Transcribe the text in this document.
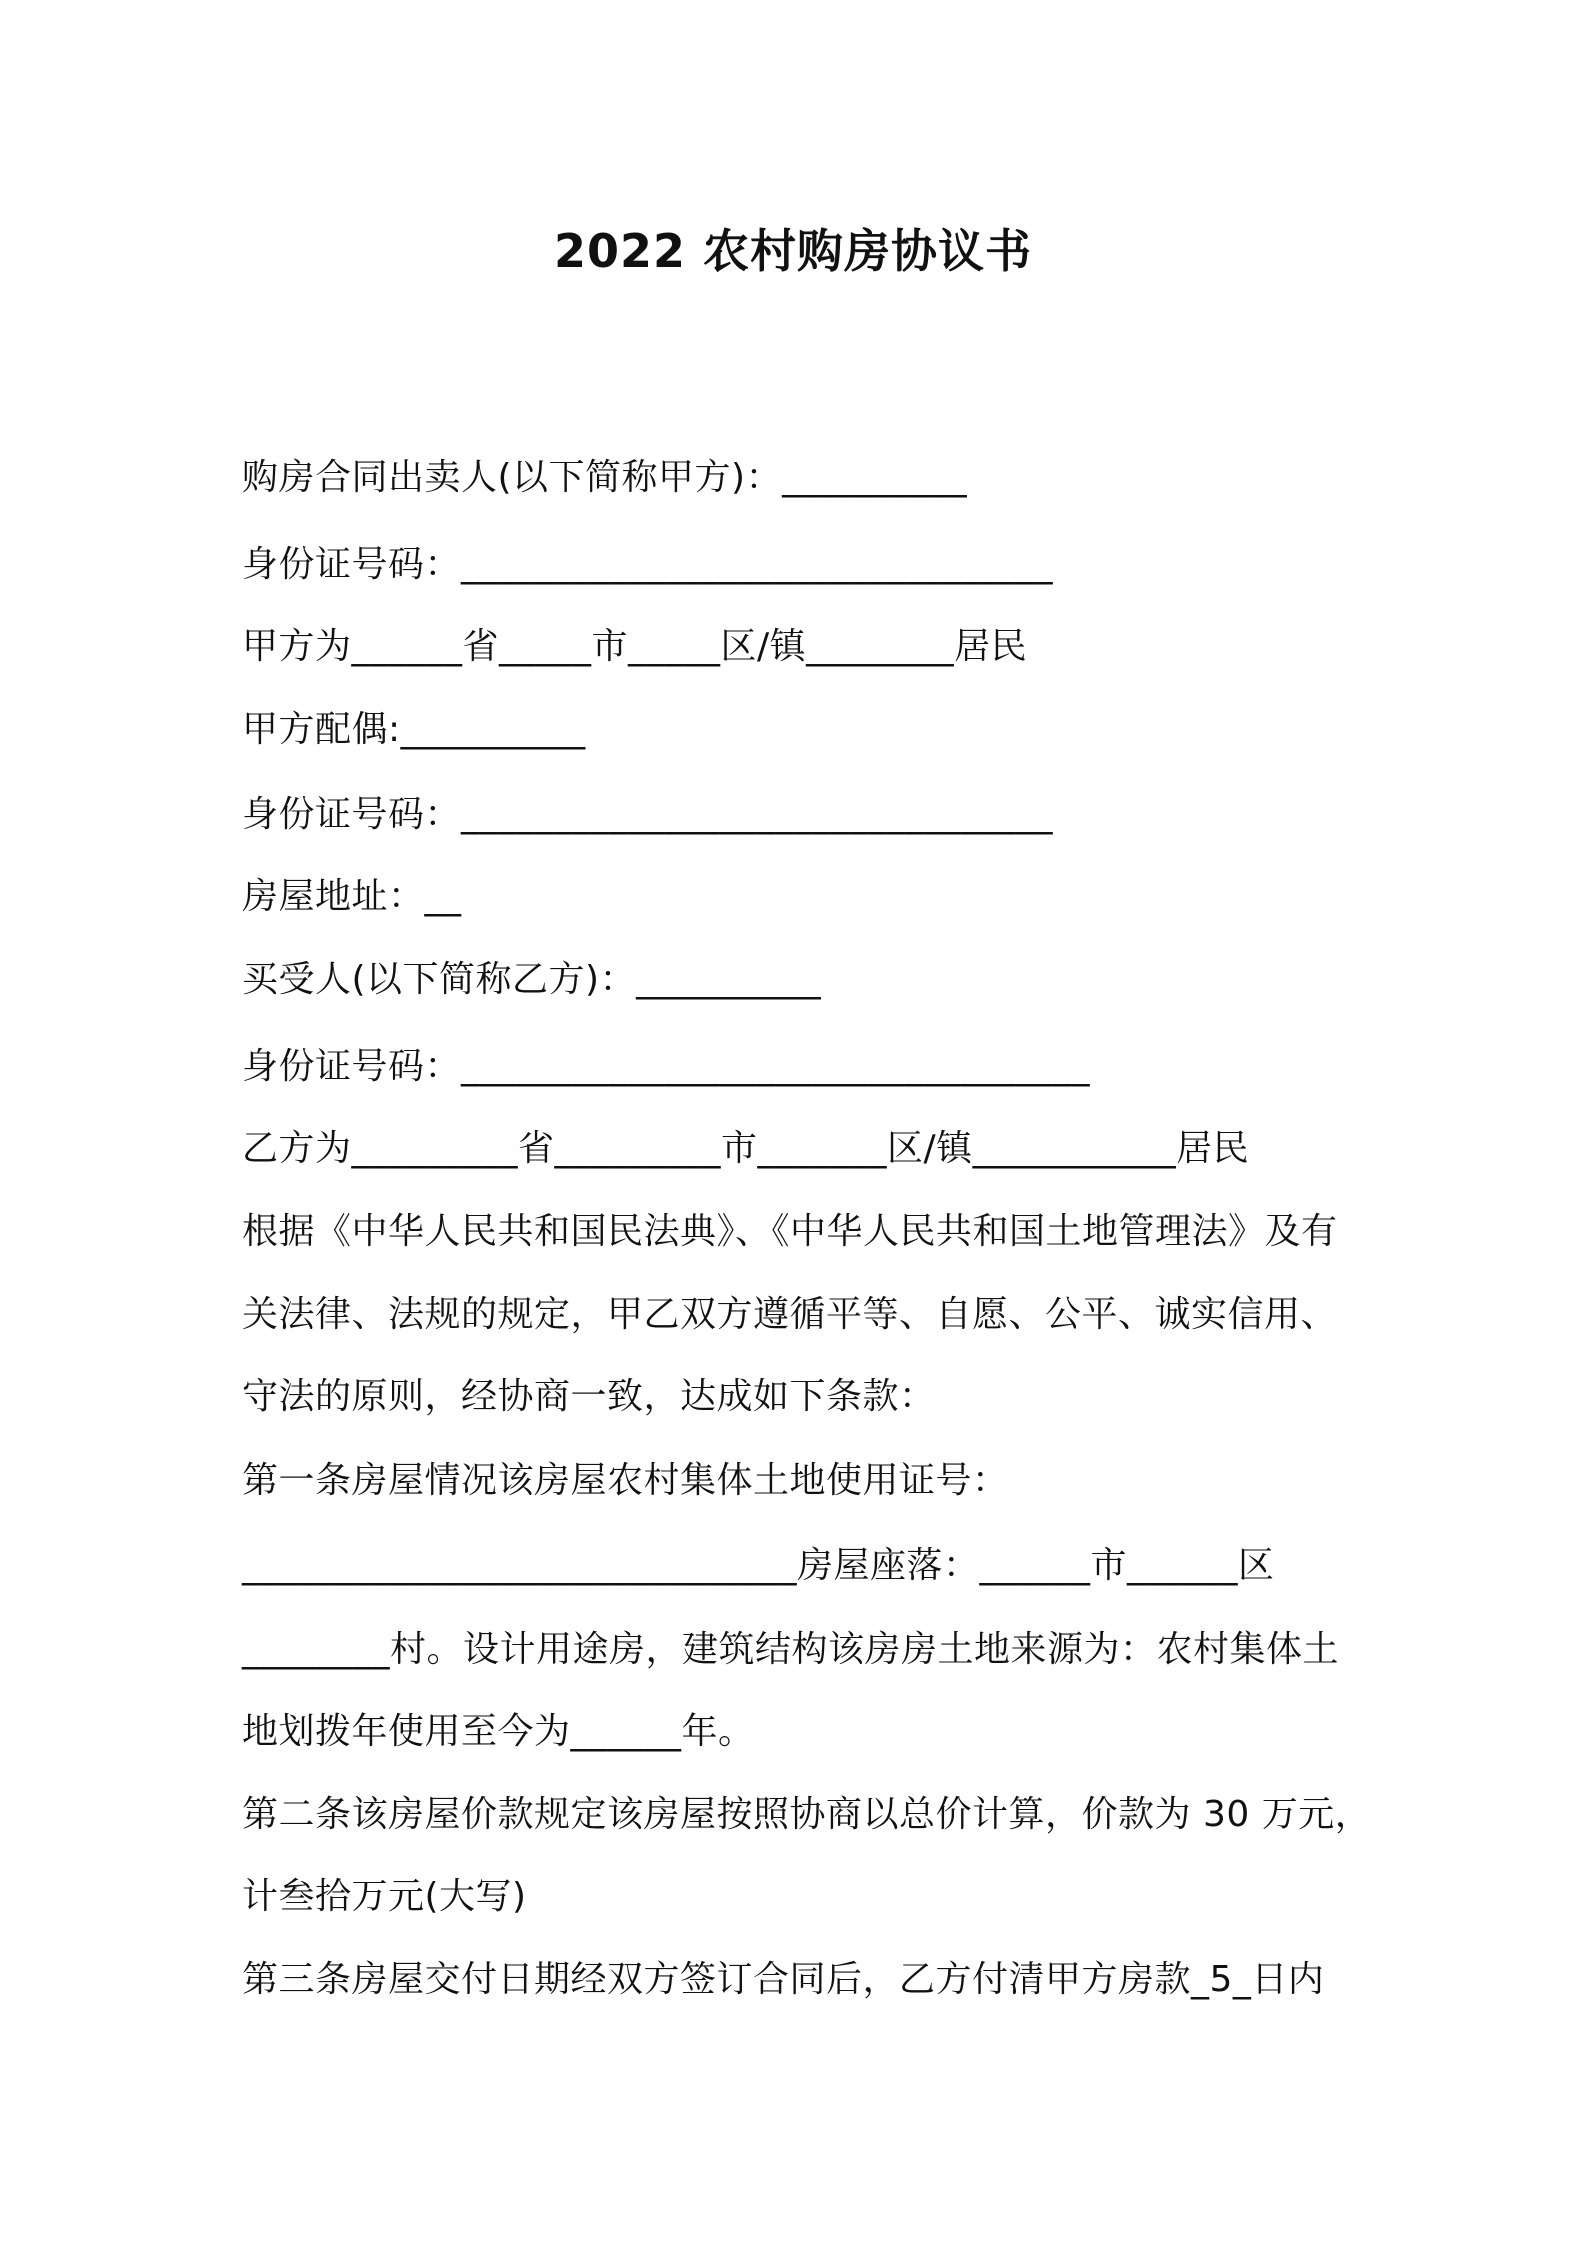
2022 农村购房协议书
购房合同出卖人(以下简称甲方)：__________
身份证号码：________________________________
甲方为______省_____市_____区/镇________居民
甲方配偶:__________
身份证号码：________________________________
房屋地址：__
买受人(以下简称乙方)：__________
身份证号码：__________________________________
乙方为_________省_________市_______区/镇___________居民
根据《中华人民共和国民法典》、《中华人民共和国土地管理法》及有
关法律、法规的规定，甲乙双方遵循平等、自愿、公平、诚实信用、
守法的原则，经协商一致，达成如下条款：
第一条房屋情况该房屋农村集体土地使用证号：
______________________________房屋座落：______市______区
________村。设计用途房，建筑结构该房房土地来源为：农村集体土
地划拨年使用至今为______年。
第二条该房屋价款规定该房屋按照协商以总价计算，价款为 30 万元，
计叁拾万元(大写)
第三条房屋交付日期经双方签订合同后，乙方付清甲方房款_5_日内
